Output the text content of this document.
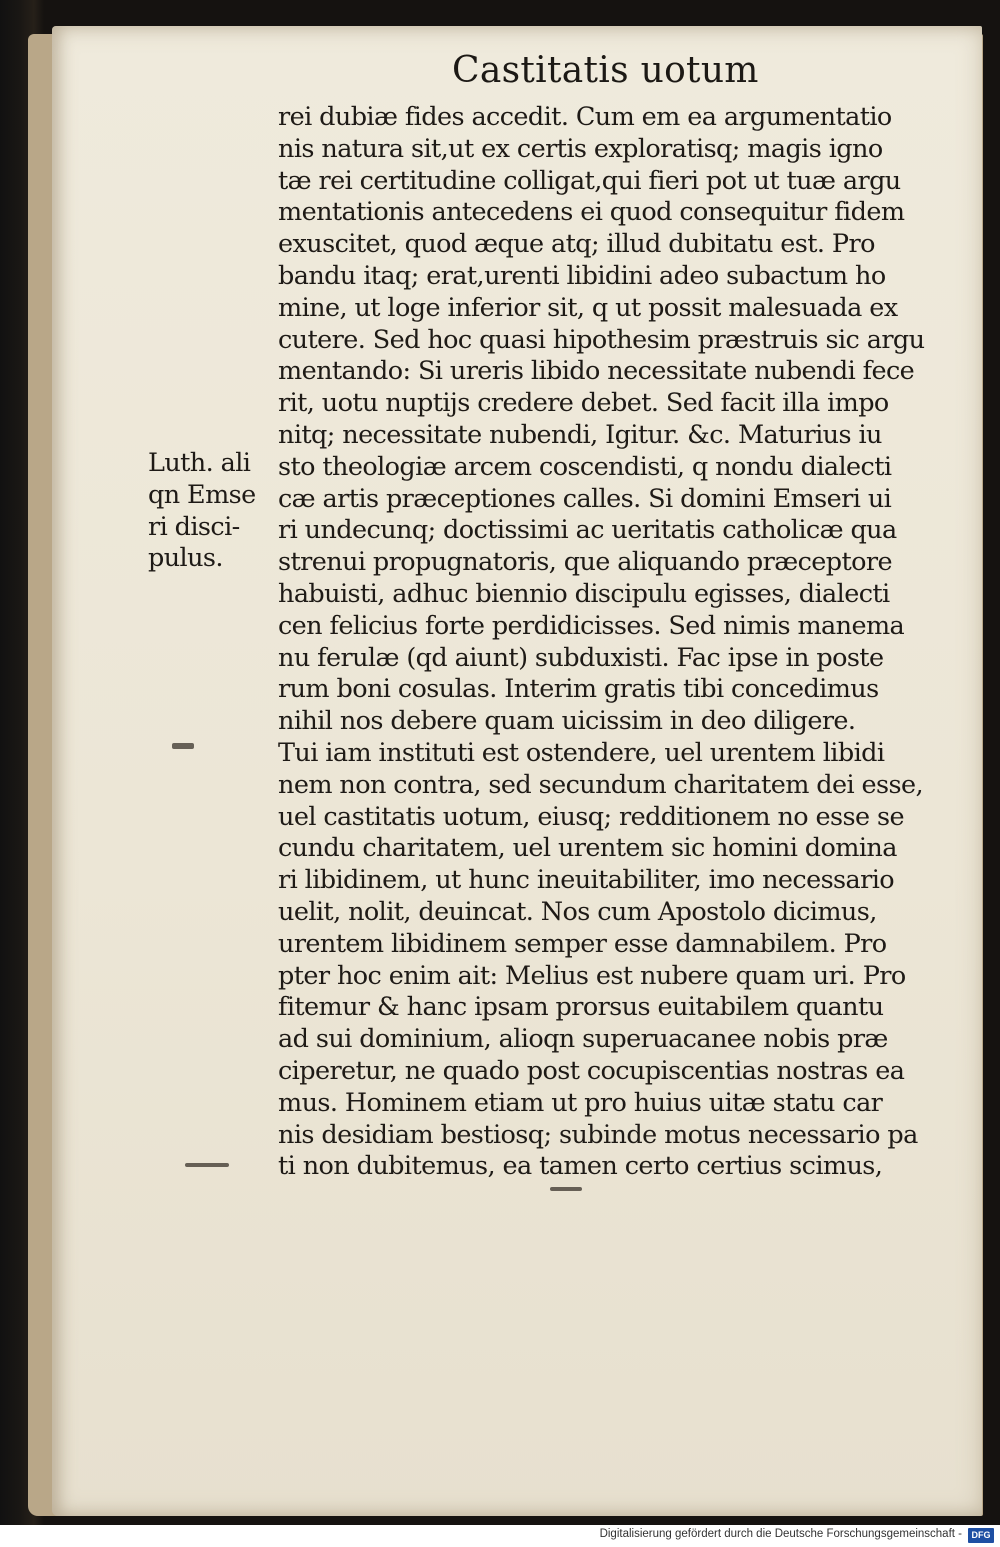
Castitatis uotum
rei dubiæ fides accedit. Cum em ea argumentatio
nis natura sit,ut ex certis exploratisq; magis igno
tæ rei certitudine colligat,qui fieri pot ut tuæ argu
mentationis antecedens ei quod consequitur fidem
exuscitet, quod æque atq; illud dubitatu est. Pro
bandu itaq; erat,urenti libidini adeo subactum ho
mine, ut loge inferior sit, q ut possit malesuada ex
cutere. Sed hoc quasi hipothesim præstruis sic argu
mentando: Si ureris libido necessitate nubendi fece
rit, uotu nuptijs credere debet. Sed facit illa impo
nitq; necessitate nubendi, Igitur. &c. Maturius iu
sto theologiæ arcem coscendisti, q nondu dialecti
cæ artis præceptiones calles. Si domini Emseri ui
ri undecunq; doctissimi ac ueritatis catholicæ qua
strenui propugnatoris, que aliquando præceptore
habuisti, adhuc biennio discipulu egisses, dialecti
cen felicius forte perdidicisses. Sed nimis manema
nu ferulæ (qd aiunt) subduxisti. Fac ipse in poste
rum boni cosulas. Interim gratis tibi concedimus
nihil nos debere quam uicissim in deo diligere.
Tui iam instituti est ostendere, uel urentem libidi
nem non contra, sed secundum charitatem dei esse,
uel castitatis uotum, eiusq; redditionem no esse se
cundu charitatem, uel urentem sic homini domina
ri libidinem, ut hunc ineuitabiliter, imo necessario
uelit, nolit, deuincat. Nos cum Apostolo dicimus,
urentem libidinem semper esse damnabilem. Pro
pter hoc enim ait: Melius est nubere quam uri. Pro
fitemur & hanc ipsam prorsus euitabilem quantu
ad sui dominium, alioqn superuacanee nobis præ
ciperetur, ne quado post cocupiscentias nostras ea
mus. Hominem etiam ut pro huius uitæ statu car
nis desidiam bestiosq; subinde motus necessario pa
ti non dubitemus, ea tamen certo certius scimus,
Luth. ali
qn Emse
ri disci-
pulus.
Digitalisierung gefördert durch die Deutsche Forschungsgemeinschaft -	DFG
